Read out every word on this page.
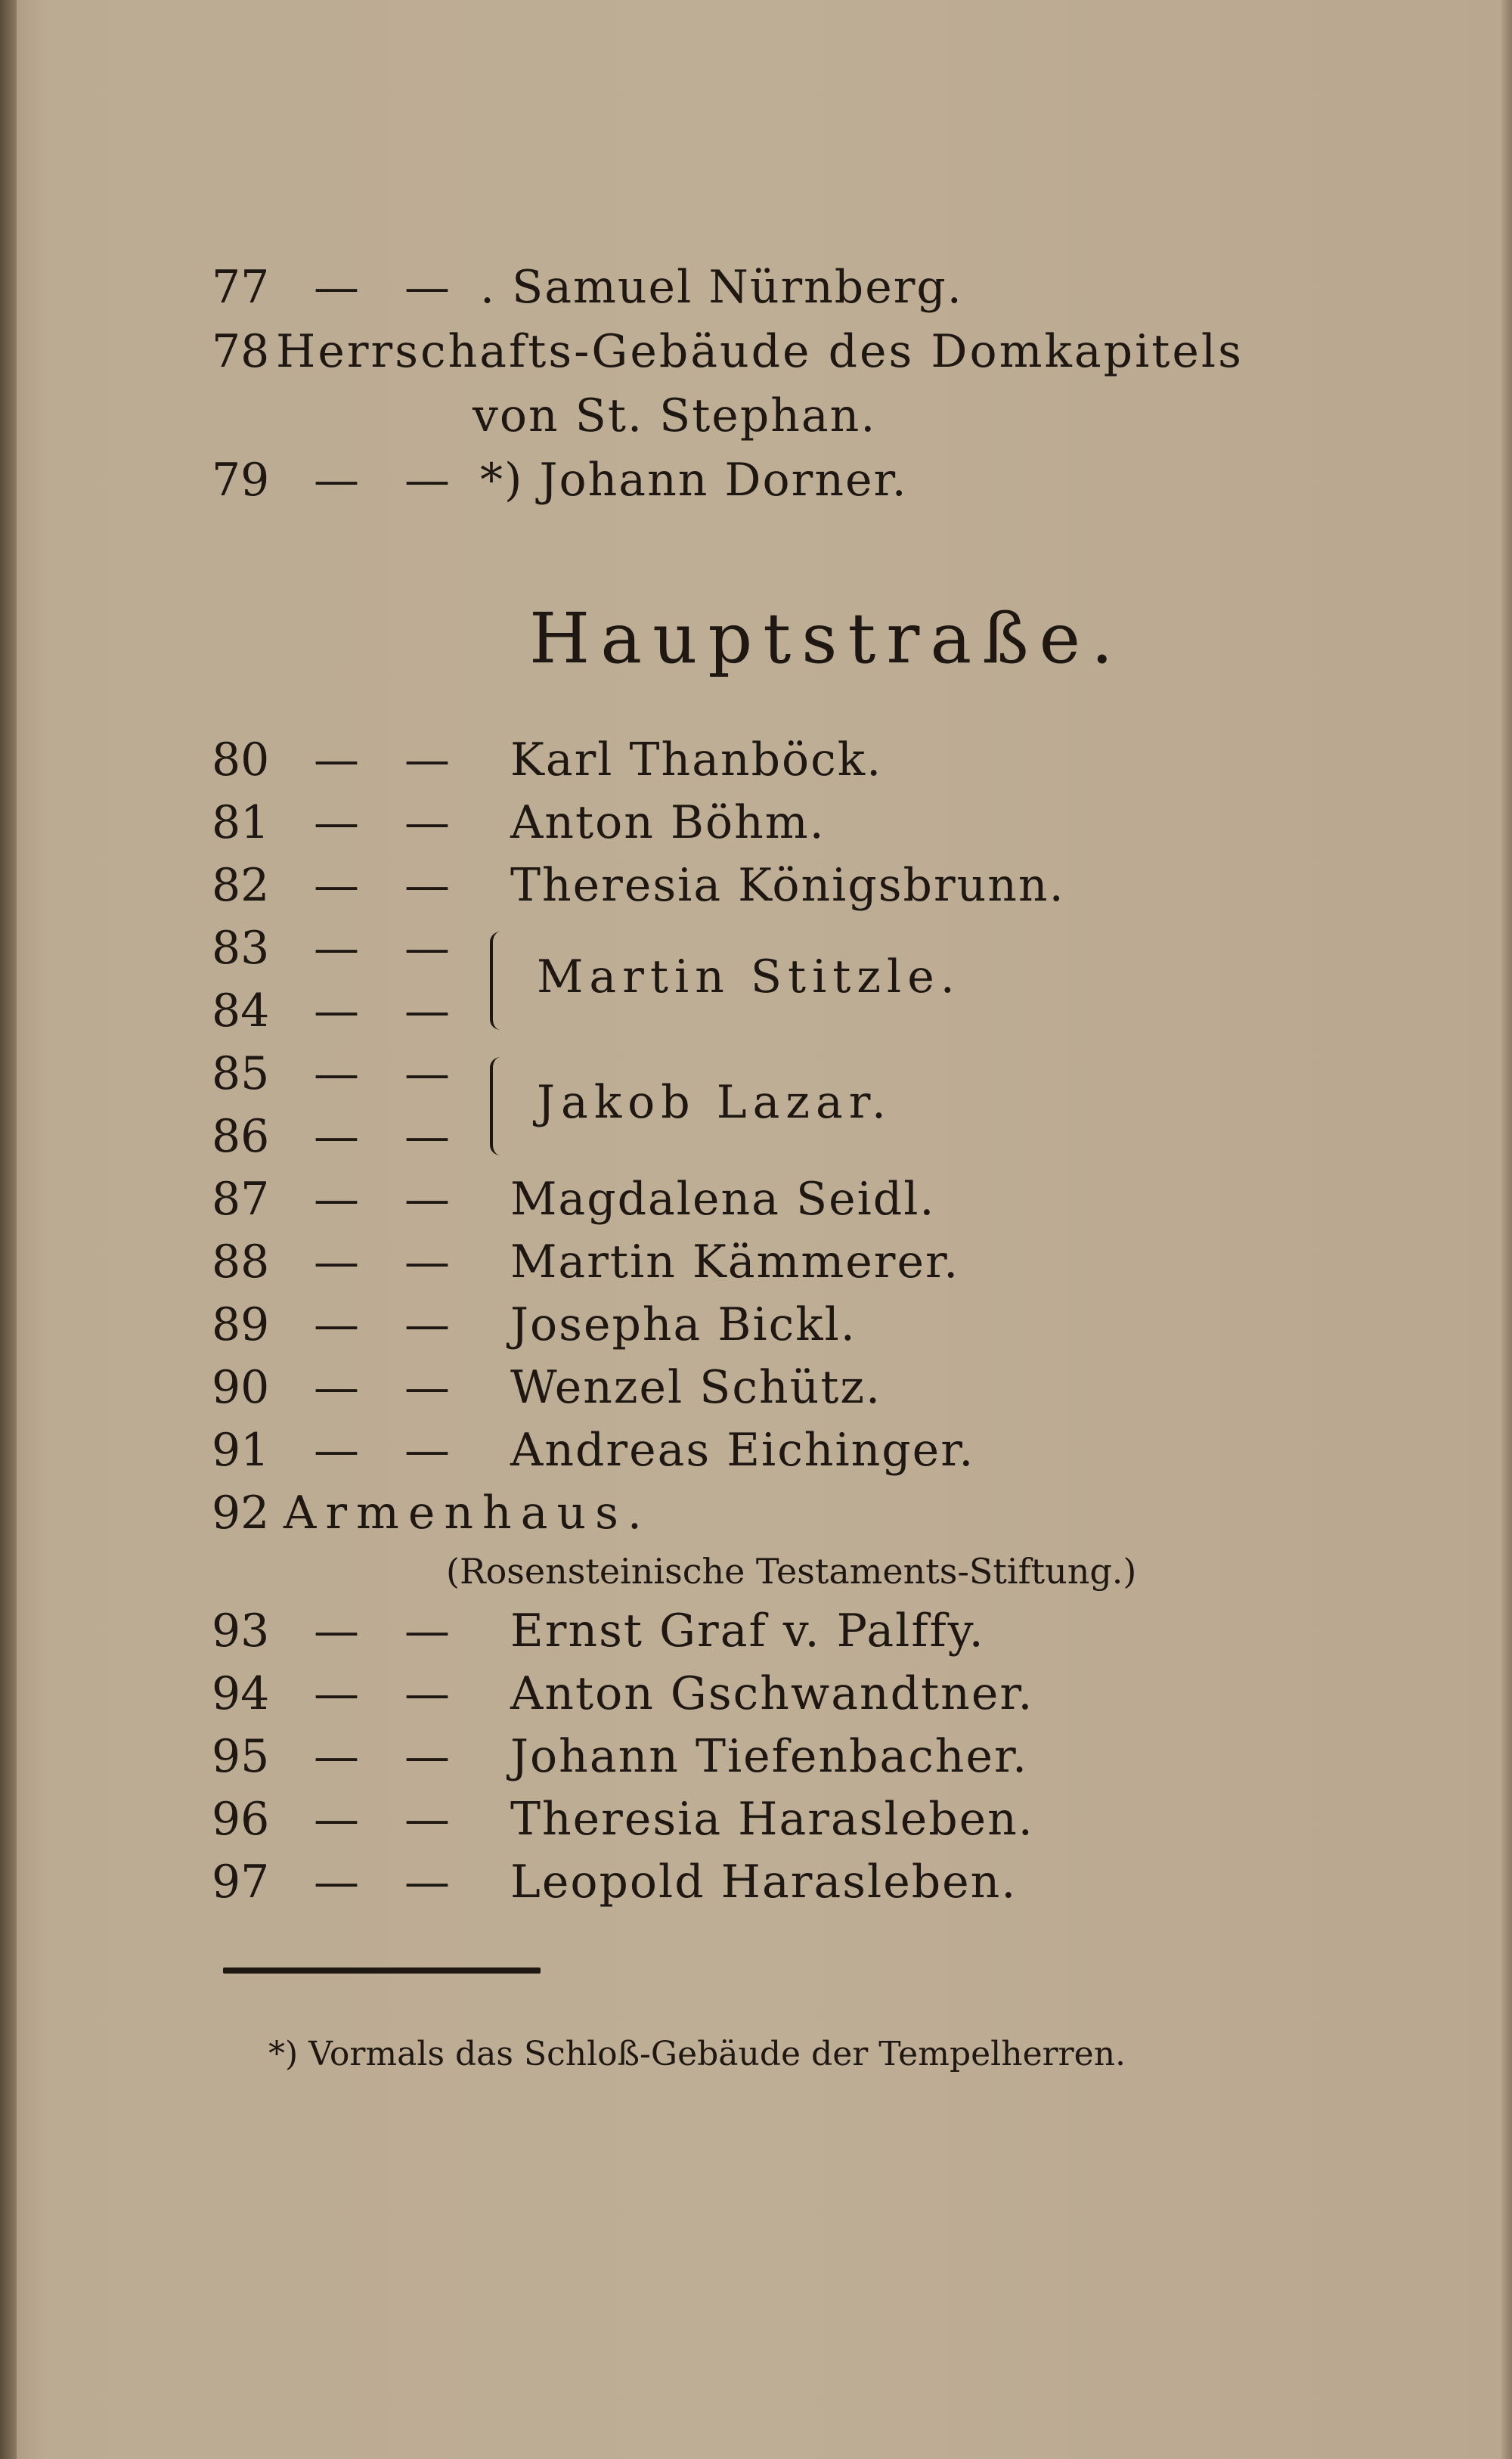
77 — — . Samuel Nürnberg.
78 Herrschafts-Gebäude des Domkapitels
von St. Stephan.
79 — — *) Johann Dorner.
Hauptstraße.
80 — — Karl Thanböck.
81 — — Anton Böhm.
82 — — Theresia Königsbrunn.
83 — —
84 — —
Martin Stitzle.
85 — —
86 — —
Jakob Lazar.
87 — — Magdalena Seidl.
88 — — Martin Kämmerer.
89 — — Josepha Bickl.
90 — — Wenzel Schütz.
91 — — Andreas Eichinger.
92 Armenhaus.
(Rosensteinische Testaments-Stiftung.)
93 — — Ernst Graf v. Palffy.
94 — — Anton Gschwandtner.
95 — — Johann Tiefenbacher.
96 — — Theresia Harasleben.
97 — — Leopold Harasleben.
*) Vormals das Schloß-Gebäude der Tempelherren.
